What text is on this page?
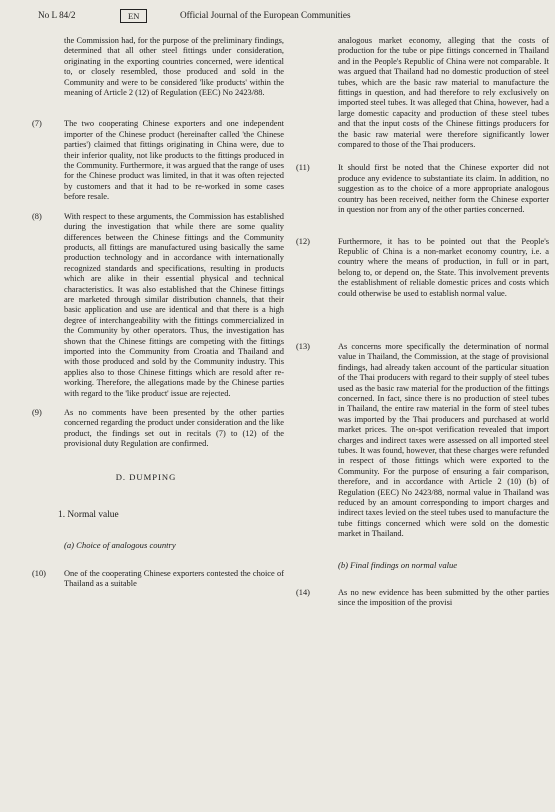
No L 84/2	EN	Official Journal of the European Communities
the Commission had, for the purpose of the preliminary findings, determined that all other steel fittings under consideration, originating in the exporting countries concerned, were identical to, or closely resembled, those produced and sold in the Community and were to be considered 'like products' within the meaning of Article 2 (12) of Regulation (EEC) No 2423/88.
(7)	The two cooperating Chinese exporters and one independent importer of the Chinese product (hereinafter called 'the Chinese parties') claimed that fittings originating in China were, due to their inferior quality, not like products to the fittings produced in the Community. Furthermore, it was argued that the range of uses for the Chinese product was limited, in that it was often rejected by customers and that it had to be re-worked in some cases before resale.
(8)	With respect to these arguments, the Commission has established during the investigation that while there are some quality differences between the Chinese fittings and the Community products, all fittings are manufactured using basically the same production technology and in accordance with internationally recognized standards and specifications, resulting in products which are alike in their essential physical and technical characteristics. It was also established that the Chinese fittings are marketed through similar distribution channels, that their basic application and use are identical and that there is a high degree of interchangeability with the fittings commercialized in the Community by other operators. Thus, the investigation has shown that the Chinese fittings are competing with the fittings imported into the Community from Croatia and Thailand and with those produced and sold by the Community industry. This applies also to those Chinese fittings which are resold after re-working. Therefore, the allegations made by the Chinese parties with regard to the 'like product' issue are rejected.
(9)	As no comments have been presented by the other parties concerned regarding the product under consideration and the like product, the findings set out in recitals (7) to (12) of the provisional duty Regulation are confirmed.
D. DUMPING
1. Normal value
(a) Choice of analogous country
(10) One of the cooperating Chinese exporters contested the choice of Thailand as a suitable
analogous market economy, alleging that the costs of production for the tube or pipe fittings concerned in Thailand and in the People's Republic of China were not comparable. It was argued that Thailand had no domestic production of steel tubes, which are the basic raw material to manufacture the fittings in question, and had therefore to rely exclusively on imported steel tubes. It was alleged that China, however, had a large domestic capacity and production of these steel tubes and that the input costs of the Chinese fittings producers for the basic raw material were therefore significantly lower compared to those of the Thai producers.
(11)	It should first be noted that the Chinese exporter did not produce any evidence to substantiate its claim. In addition, no suggestion as to the choice of a more appropriate analogous country has been received, neither form the Chinese exporter in question nor from any of the other parties concerned.
(12)	Furthermore, it has to be pointed out that the People's Republic of China is a non-market economy country, i.e. a country where the means of production, in full or in part, belong to, or depend on, the State. This involvement prevents the establishment of reliable domestic prices and costs which could otherwise be used to establish normal value.
(13)	As concerns more specifically the determination of normal value in Thailand, the Commission, at the stage of provisional findings, had already taken account of the particular situation of the Thai producers with regard to their supply of steel tubes used as the basic raw material for the production of the fittings concerned. In fact, since there is no production of steel tubes in Thailand, the entire raw material in the form of steel tubes was imported by the Thai producers and purchased at world market prices. The on-spot verification revealed that import charges and indirect taxes were assessed on all imported steel tubes. It was found, however, that these charges were refunded in respect of those fittings which were exported to the Community. For the purpose of ensuring a fair comparison, therefore, and in accordance with Article 2 (10) (b) of Regulation (EEC) No 2423/88, normal value in Thailand was reduced by an amount corresponding to import charges and indirect taxes levied on the steel tubes used to manufacture the tube fittings concerned which were sold on the domestic market in Thailand.
(b) Final findings on normal value
(14)	As no new evidence has been submitted by the other parties since the imposition of the provisi
